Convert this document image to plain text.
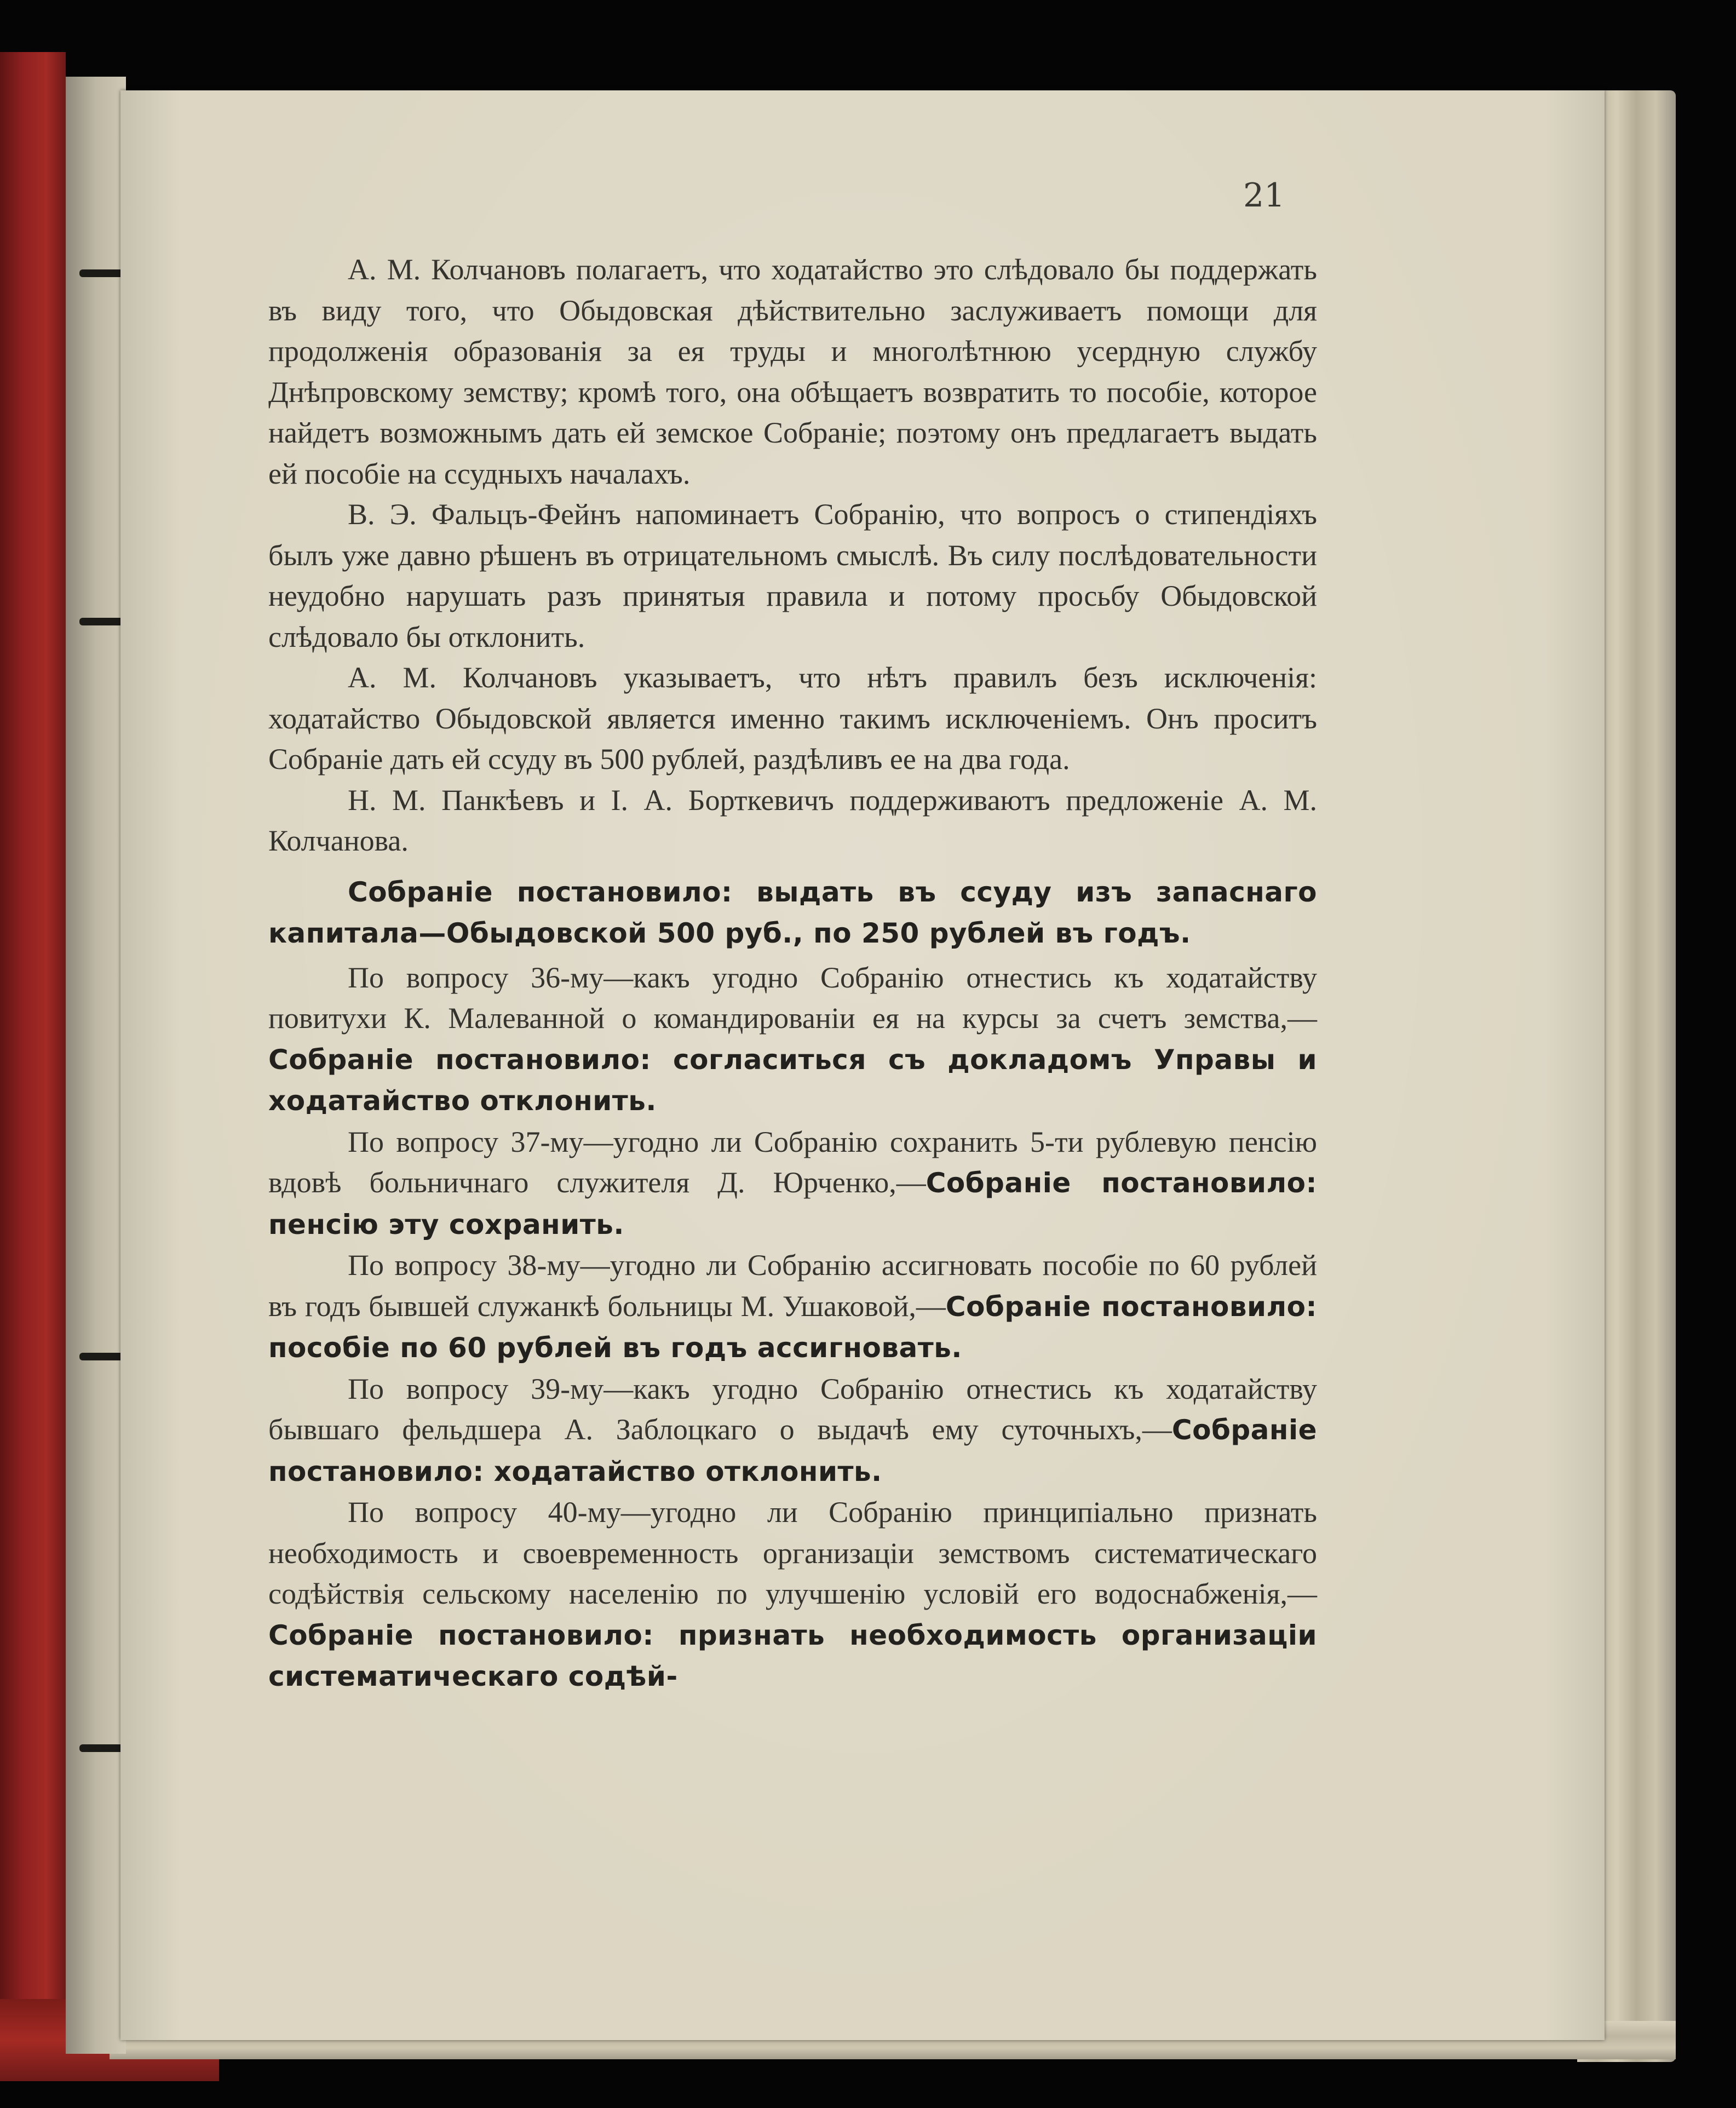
21

А. М. Колчановъ полагаетъ, что ходатайство это слѣдовало бы поддержать въ виду того, что Обыдовская дѣйствительно заслуживаетъ помощи для продолженія образованія за ея труды и многолѣтнюю усердную службу Днѣпровскому земству; кромѣ того, она обѣщаетъ возвратить то пособіе, которое найдетъ возможнымъ дать ей земское Собраніе; поэтому онъ предлагаетъ выдать ей пособіе на ссудныхъ началахъ.

В. Э. Фальцъ-Фейнъ напоминаетъ Собранію, что вопросъ о стипендіяхъ былъ уже давно рѣшенъ въ отрицательномъ смыслѣ. Въ силу послѣдовательности неудобно нарушать разъ принятыя правила и потому просьбу Обыдовской слѣдовало бы отклонить.

А. М. Колчановъ указываетъ, что нѣтъ правилъ безъ исключенія: ходатайство Обыдовской является именно такимъ исключеніемъ. Онъ проситъ Собраніе дать ей ссуду въ 500 рублей, раздѣливъ ее на два года.

Н. М. Панкѣевъ и І. А. Борткевичъ поддерживаютъ предложеніе А. М. Колчанова.

Собраніе постановило: выдать въ ссуду изъ запаснаго капитала—Обыдовской 500 руб., по 250 рублей въ годъ.

По вопросу 36-му—какъ угодно Собранію отнестись къ ходатайству повитухи К. Малеванной о командированіи ея на курсы за счетъ земства,—Собраніе постановило: согласиться съ докладомъ Управы и ходатайство отклонить.

По вопросу 37-му—угодно ли Собранію сохранить 5-ти рублевую пенсію вдовѣ больничнаго служителя Д. Юрченко,—Собраніе постановило: пенсію эту сохранить.

По вопросу 38-му—угодно ли Собранію ассигновать пособіе по 60 рублей въ годъ бывшей служанкѣ больницы М. Ушаковой,—Собраніе постановило: пособіе по 60 рублей въ годъ ассигновать.

По вопросу 39-му—какъ угодно Собранію отнестись къ ходатайству бывшаго фельдшера А. Заблоцкаго о выдачѣ ему суточныхъ,—Собраніе постановило: ходатайство отклонить.

По вопросу 40-му—угодно ли Собранію принципіально признать необходимость и своевременность организаціи земствомъ систематическаго содѣйствія сельскому населенію по улучшенію условій его водоснабженія,—Собраніе постановило: признать необходимость организаціи систематическаго содѣй-
